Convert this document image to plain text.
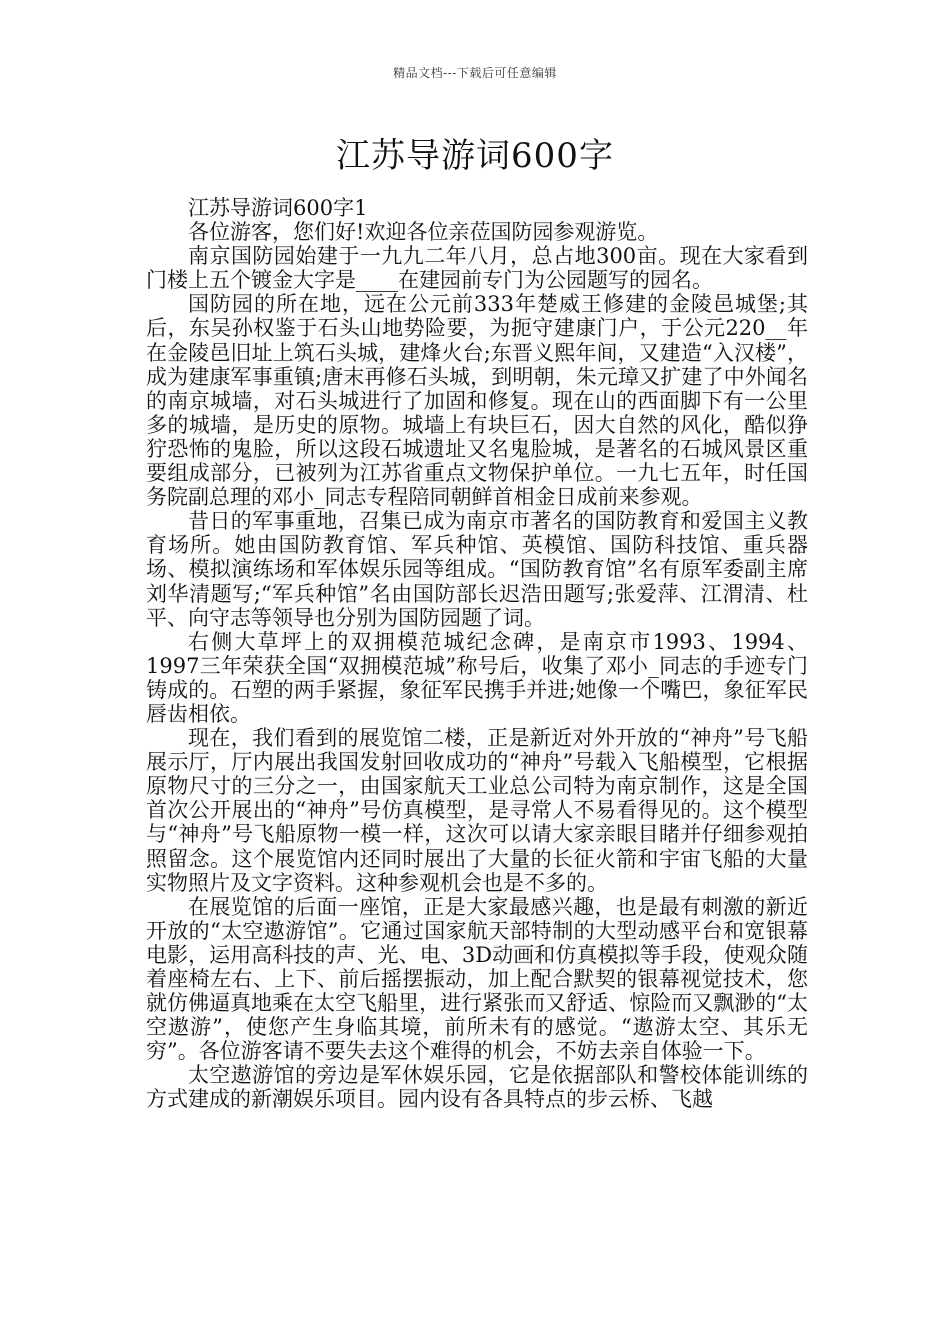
精品文档---下载后可任意编辑
江苏导游词600字

江苏导游词600字1

各位游客，您们好!欢迎各位亲莅国防园参观游览。

南京国防园始建于一九九二年八月，总占地300亩。现在大家看到门楼上五个镀金大字是____在建园前专门为公园题写的园名。

国防园的所在地，远在公元前333年楚威王修建的金陵邑城堡;其后，东吴孙权鉴于石头山地势险要，为扼守建康门户，于公元220__年在金陵邑旧址上筑石头城，建烽火台;东晋义熙年间，又建造“入汉楼”，成为建康军事重镇;唐末再修石头城，到明朝，朱元璋又扩建了中外闻名的南京城墙，对石头城进行了加固和修复。现在山的西面脚下有一公里多的城墙，是历史的原物。城墙上有块巨石，因大自然的风化，酷似狰狞恐怖的鬼脸，所以这段石城遗址又名鬼脸城，是著名的石城风景区重要组成部分，已被列为江苏省重点文物保护单位。一九七五年，时任国务院副总理的邓小_同志专程陪同朝鲜首相金日成前来参观。

昔日的军事重地，召集已成为南京市著名的国防教育和爱国主义教育场所。她由国防教育馆、军兵种馆、英模馆、国防科技馆、重兵器场、模拟演练场和军体娱乐园等组成。“国防教育馆”名有原军委副主席刘华清题写;“军兵种馆”名由国防部长迟浩田题写;张爱萍、江渭清、杜平、向守志等领导也分别为国防园题了词。

右侧大草坪上的双拥模范城纪念碑，是南京市1993、1994、1997三年荣获全国“双拥模范城”称号后，收集了邓小_同志的手迹专门铸成的。石塑的两手紧握，象征军民携手并进;她像一个嘴巴，象征军民唇齿相依。

现在，我们看到的展览馆二楼，正是新近对外开放的“神舟”号飞船展示厅，厅内展出我国发射回收成功的“神舟”号载入飞船模型，它根据原物尺寸的三分之一，由国家航天工业总公司特为南京制作，这是全国首次公开展出的“神舟”号仿真模型，是寻常人不易看得见的。这个模型与“神舟”号飞船原物一模一样，这次可以请大家亲眼目睹并仔细参观拍照留念。这个展览馆内还同时展出了大量的长征火箭和宇宙飞船的大量实物照片及文字资料。这种参观机会也是不多的。

在展览馆的后面一座馆，正是大家最感兴趣，也是最有刺激的新近开放的“太空遨游馆”。它通过国家航天部特制的大型动感平台和宽银幕电影，运用高科技的声、光、电、3D动画和仿真模拟等手段，使观众随着座椅左右、上下、前后摇摆振动，加上配合默契的银幕视觉技术，您就仿佛逼真地乘在太空飞船里，进行紧张而又舒适、惊险而又飘渺的“太空遨游”，使您产生身临其境，前所未有的感觉。“遨游太空、其乐无穷”。各位游客请不要失去这个难得的机会，不妨去亲自体验一下。

太空遨游馆的旁边是军休娱乐园，它是依据部队和警校体能训练的方式建成的新潮娱乐项目。园内设有各具特点的步云桥、飞越
